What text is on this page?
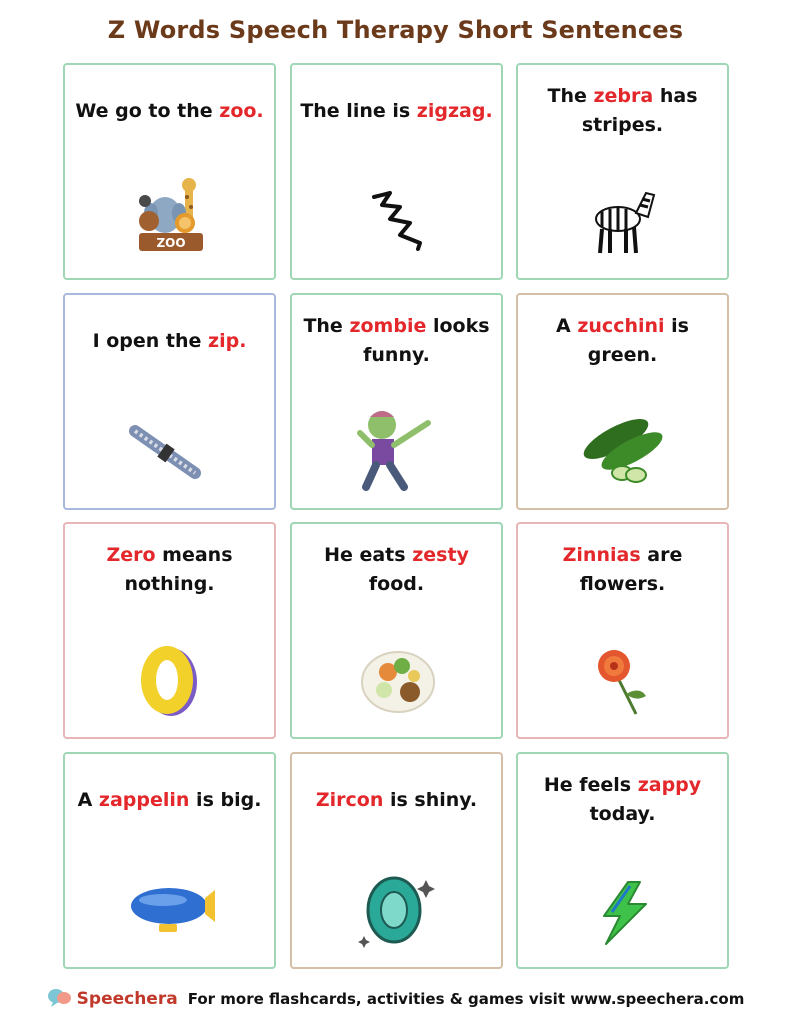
Z Words Speech Therapy Short Sentences
We go to the zoo.
ZOO
The line is zigzag.
The zebra has stripes.
I open the zip.
The zombie looks funny.
A zucchini is green.
Zero means nothing.
He eats zesty food.
Zinnias are flowers.
A zappelin is big.	Zircon is shiny.
He feels zappy today.
Speechera For more flashcards, activities & games visit www.speechera.com
